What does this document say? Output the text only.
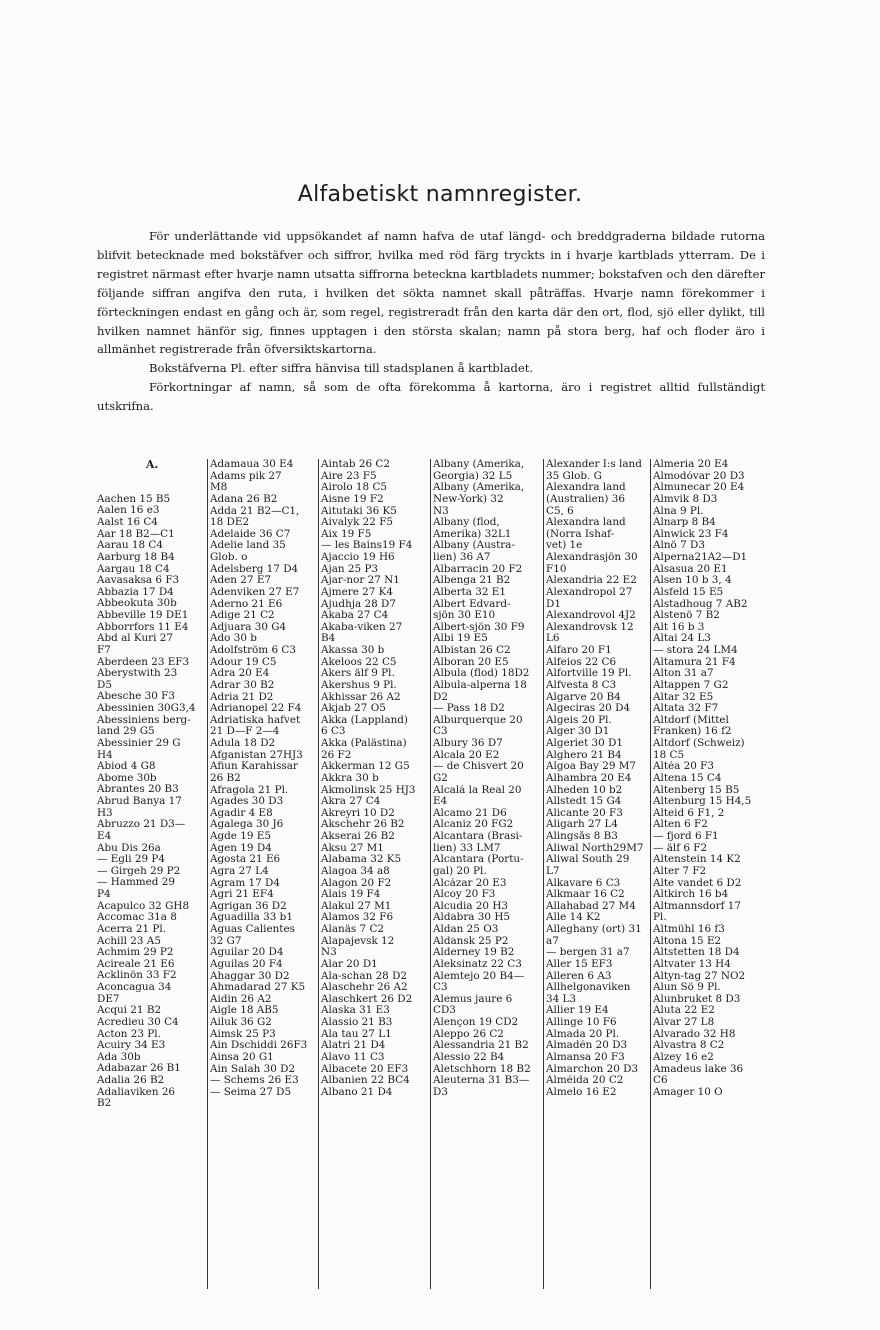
Alfabetiskt namnregister.

För underlättande vid uppsökandet af namn hafva de utaf längd- och breddgraderna bildade rutorna blifvit betecknade med bokstäfver och siffror, hvilka med röd färg tryckts in i hvarje kartblads ytterram. De i registret närmast efter hvarje namn utsatta siffrorna beteckna kartbladets nummer; bokstafven och den därefter följande siffran angifva den ruta, i hvilken det sökta namnet skall påträffas. Hvarje namn förekommer i förteckningen endast en gång och är, som regel, registreradt från den karta där den ort, flod, sjö eller dylikt, till hvilken namnet hänför sig, finnes upptagen i den största skalan; namn på stora berg, haf och floder äro i allmänhet registrerade från öfversiktskartorna.

Bokstäfverna Pl. efter siffra hänvisa till stadsplanen å kartbladet.

Förkortningar af namn, så som de ofta förekomma å kartorna, äro i registret alltid fullständigt utskrifna.

A.
Aachen 15 B5
Aalen 16 e3
Aalst 16 C4
Aar 18 B2—C1
Aarau 18 C4
Aarburg 18 B4
Aargau 18 C4
Aavasaksa 6 F3
Abbazia 17 D4
Abbeokuta 30b
Abbeville 19 DE1
Abborrfors 11 E4
Abd al Kuri 27
F7
Aberdeen 23 EF3
Aberystwith 23
D5
Abesche 30 F3
Abessinien 30G3,4
Abessiniens berg-
land 29 G5
Abessinier 29 G
H4
Abiod 4 G8
Abome 30b
Abrantes 20 B3
Abrud Banya 17
H3
Abruzzo 21 D3—
E4
Abu Dis 26a
— Egli 29 P4
— Girgeh 29 P2
— Hammed 29
P4
Acapulco 32 GH8
Accomac 31a 8
Acerra 21 Pl.
Achill 23 A5
Achmim 29 P2
Acireale 21 E6
Acklinön 33 F2
Aconcagua 34
DE7
Acqui 21 B2
Acredieu 30 C4
Acton 23 Pl.
Acuiry 34 E3
Ada 30b
Adabazar 26 B1
Adalia 26 B2
Adaliaviken 26
B2
Adamaua 30 E4
Adams pik 27
M8
Adana 26 B2
Adda 21 B2—C1,
18 DE2
Adelaide 36 C7
Adelie land 35
Glob. o
Adelsberg 17 D4
Aden 27 E7
Adenviken 27 E7
Aderno 21 E6
Adige 21 C2
Adjuara 30 G4
Ado 30 b
Adolfström 6 C3
Adour 19 C5
Adra 20 E4
Adrar 30 B2
Adria 21 D2
Adrianopel 22 F4
Adriatiska hafvet
21 D—F 2—4
Adula 18 D2
Afganistan 27HJ3
Afiun Karahissar
26 B2
Afragola 21 Pl.
Agades 30 D3
Agadir 4 E8
Agalega 30 J6
Agde 19 E5
Agen 19 D4
Agosta 21 E6
Agra 27 L4
Agram 17 D4
Agri 21 EF4
Agrigan 36 D2
Aguadilla 33 b1
Aguas Calientes
32 G7
Aguilar 20 D4
Aguilas 20 F4
Ahaggar 30 D2
Ahmadarad 27 K5
Aidin 26 A2
Aigle 18 AB5
Ailuk 36 G2
Aimsk 25 P3
Ain Dschiddi 26F3
Ainsa 20 G1
Ain Salah 30 D2
— Schems 26 E3
— Seima 27 D5
Aintab 26 C2
Aire 23 F5
Airolo 18 C5
Aisne 19 F2
Aitutaki 36 K5
Aivalyk 22 F5
Aix 19 F5
— les Bains19 F4
Ajaccio 19 H6
Ajan 25 P3
Ajar-nor 27 N1
Ajmere 27 K4
Ajudhja 28 D7
Akaba 27 C4
Akaba-viken 27
B4
Akassa 30 b
Akeloos 22 C5
Akers älf 9 Pl.
Akershus 9 Pl.
Akhissar 26 A2
Akjab 27 O5
Akka (Lappland)
6 C3
Akka (Palästina)
26 F2
Akkerman 12 G5
Akkra 30 b
Akmolinsk 25 HJ3
Akra 27 C4
Akreyri 10 D2
Akschehr 26 B2
Akserai 26 B2
Aksu 27 M1
Alabama 32 K5
Alagoa 34 a8
Alagon 20 F2
Alais 19 F4
Alakul 27 M1
Alamos 32 F6
Alanäs 7 C2
Alapajevsk 12
N3
Alar 20 D1
Ala-schan 28 D2
Alaschehr 26 A2
Alaschkert 26 D2
Alaska 31 E3
Alassio 21 B3
Ala tau 27 L1
Alatri 21 D4
Alavo 11 C3
Albacete 20 EF3
Albanien 22 BC4
Albano 21 D4
Albany (Amerika,
Georgia) 32 L5
Albany (Amerika,
New-York) 32
N3
Albany (flod,
Amerika) 32L1
Albany (Austra-
lien) 36 A7
Albarracin 20 F2
Albenga 21 B2
Alberta 32 E1
Albert Edvard-
sjön 30 E10
Albert-sjön 30 F9
Albi 19 E5
Albistan 26 C2
Alboran 20 E5
Albula (flod) 18D2
Albula-alperna 18
D2
— Pass 18 D2
Alburquerque 20
C3
Albury 36 D7
Alcala 20 E2
— de Chisvert 20
G2
Alcalá la Real 20
E4
Alcamo 21 D6
Alcaniz 20 FG2
Alcantara (Brasi-
lien) 33 LM7
Alcantara (Portu-
gal) 20 Pl.
Alcázar 20 E3
Alcoy 20 F3
Alcudia 20 H3
Aldabra 30 H5
Aldan 25 O3
Aldansk 25 P2
Alderney 19 B2
Aleksinatz 22 C3
Alemtejo 20 B4—
C3
Alemus jaure 6
CD3
Alençon 19 CD2
Aleppo 26 C2
Alessandria 21 B2
Alessio 22 B4
Aletschhorn 18 B2
Aleuterna 31 B3—
D3
Alexander I:s land
35 Glob. G
Alexandra land
(Australien) 36
C5, 6
Alexandra land
(Norra Ishaf-
vet) 1e
Alexandrasjön 30
F10
Alexandria 22 E2
Alexandropol 27
D1
Alexandrovol 4J2
Alexandrovsk 12
L6
Alfaro 20 F1
Alfeios 22 C6
Alfortville 19 Pl.
Alfvesta 8 C3
Algarve 20 B4
Algeciras 20 D4
Algeis 20 Pl.
Alger 30 D1
Algeriet 30 D1
Alghero 21 B4
Algoa Bay 29 M7
Alhambra 20 E4
Alheden 10 b2
Allstedt 15 G4
Alicante 20 F3
Aligarh 27 L4
Alingsås 8 B3
Aliwal North29M7
Aliwal South 29
L7
Alkavare 6 C3
Alkmaar 16 C2
Allahabad 27 M4
Alle 14 K2
Alleghany (ort) 31
a7
— bergen 31 a7
Aller 15 EF3
Alleren 6 A3
Allhelgonaviken
34 L3
Allier 19 E4
Allinge 10 F6
Almada 20 Pl.
Almadén 20 D3
Almansa 20 F3
Almarchon 20 D3
Alméida 20 C2
Almelo 16 E2
Almeria 20 E4
Almodóvar 20 D3
Almunecar 20 E4
Almvik 8 D3
Alna 9 Pl.
Alnarp 8 B4
Alnwick 23 F4
Alnö 7 D3
Alperna21A2—D1
Alsasua 20 E1
Alsen 10 b 3, 4
Alsfeld 15 E5
Alstadhoug 7 AB2
Alstenö 7 B2
Alt 16 b 3
Altai 24 L3
— stora 24 LM4
Altamura 21 F4
Alton 31 a7
Altappen 7 G2
Altar 32 E5
Altata 32 F7
Altdorf (Mittel
Franken) 16 f2
Altdorf (Schweiz)
18 C5
Altéa 20 F3
Altena 15 C4
Altenberg 15 B5
Altenburg 15 H4,5
Alteid 6 F1, 2
Alten 6 F2
— fjord 6 F1
— älf 6 F2
Altenstein 14 K2
Alter 7 F2
Alte vandet 6 D2
Altkirch 16 b4
Altmannsdorf 17
Pl.
Altmühl 16 f3
Altona 15 E2
Altstetten 18 D4
Altvater 13 H4
Altyn-tag 27 NO2
Alun Sö 9 Pl.
Alunbruket 8 D3
Aluta 22 E2
Alvar 27 L8
Alvarado 32 H8
Alvastra 8 C2
Alzey 16 e2
Amadeus lake 36
C6
Amager 10 Ö
